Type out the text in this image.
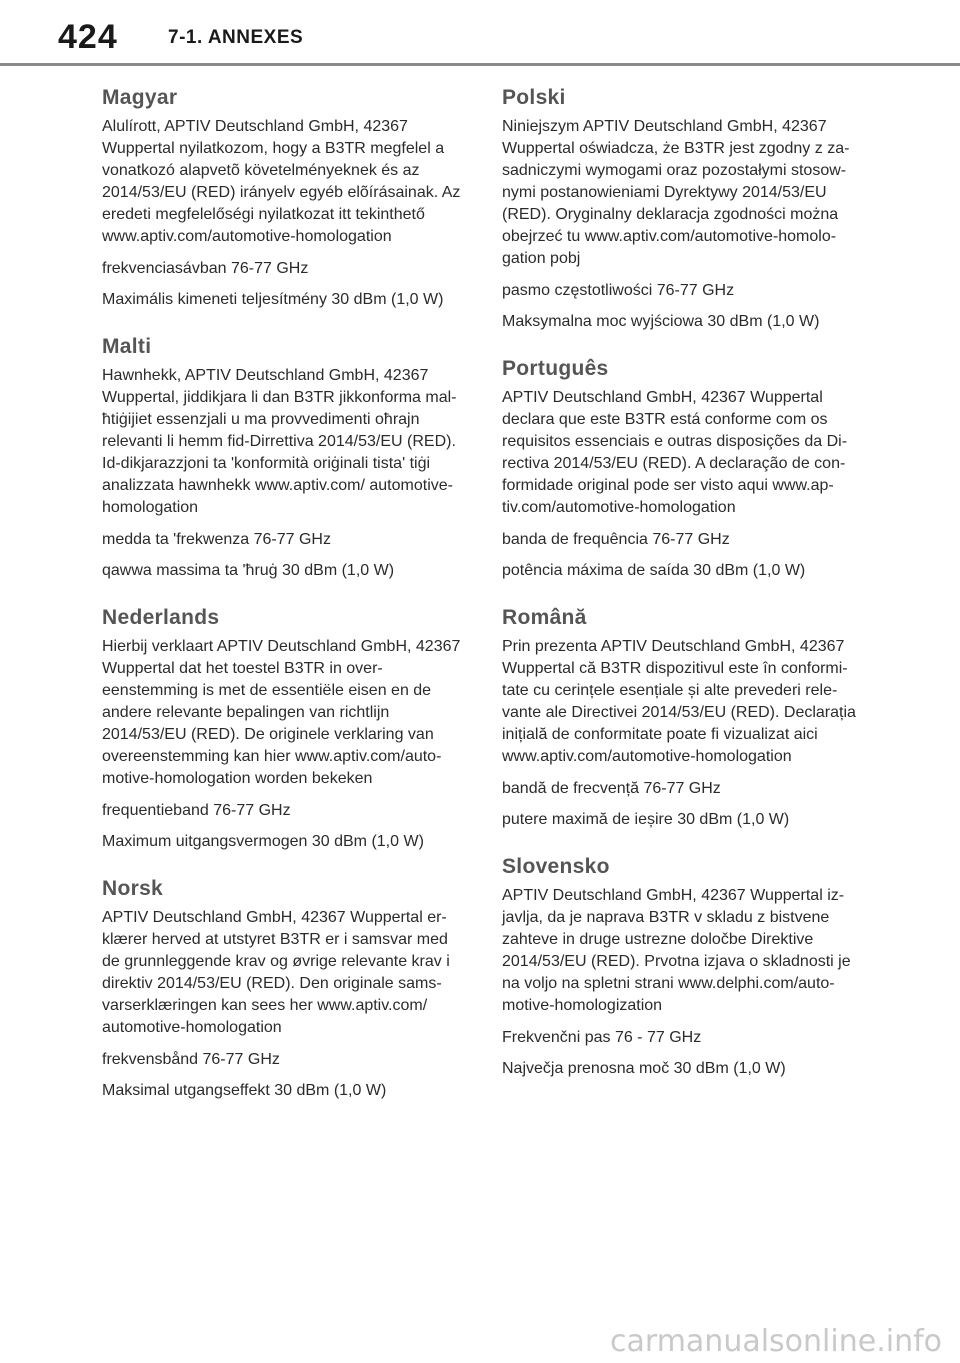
424	7-1. ANNEXES
Magyar

Alulírott, APTIV Deutschland GmbH, 42367 Wuppertal nyilatkozom, hogy a B3TR megfelel a vonatkozó alapvetõ követelményeknek és az 2014/53/EU (RED) irányelv egyéb elõírásainak. Az eredeti megfelelőségi nyilatkozat itt tekinthető www.aptiv.com/automotive-homologation

frekvenciasávban 76-77 GHz

Maximális kimeneti teljesítmény 30 dBm (1,0 W)

Malti

Hawnhekk, APTIV Deutschland GmbH, 42367 Wuppertal, jiddikjara li dan B3TR jikkonforma mal-ħtiġijiet essenzjali u ma provvedimenti oħrajn relevanti li hemm fid-Dirrettiva 2014/53/EU (RED). Id-dikjarazzjoni ta 'konformità oriġinali tista' tiġi analizzata hawnhekk www.aptiv.com/ automotive-homologation

medda ta 'frekwenza 76-77 GHz

qawwa massima ta 'ħruġ 30 dBm (1,0 W)

Nederlands

Hierbij verklaart APTIV Deutschland GmbH, 42367 Wuppertal dat het toestel B3TR in over-eenstemming is met de essentiële eisen en de andere relevante bepalingen van richtlijn 2014/53/EU (RED). De originele verklaring van overeenstemming kan hier www.aptiv.com/auto-motive-homologation worden bekeken

frequentieband 76-77 GHz

Maximum uitgangsvermogen 30 dBm (1,0 W)

Norsk

APTIV Deutschland GmbH, 42367 Wuppertal er-klærer herved at utstyret B3TR er i samsvar med de grunnleggende krav og øvrige relevante krav i direktiv 2014/53/EU (RED). Den originale sams-varserklæringen kan sees her www.aptiv.com/ automotive-homologation

frekvensbånd 76-77 GHz

Maksimal utgangseffekt 30 dBm (1,0 W)

Polski

Niniejszym APTIV Deutschland GmbH, 42367 Wuppertal oświadcza, że B3TR jest zgodny z za-sadniczymi wymogami oraz pozostałymi stosow-nymi postanowieniami Dyrektywy 2014/53/EU (RED). Oryginalny deklaracja zgodności można obejrzeć tu www.aptiv.com/automotive-homolo-gation pobj

pasmo częstotliwości 76-77 GHz

Maksymalna moc wyjściowa 30 dBm (1,0 W)

Português

APTIV Deutschland GmbH, 42367 Wuppertal declara que este B3TR está conforme com os requisitos essenciais e outras disposições da Di-rectiva 2014/53/EU (RED). A declaração de con-formidade original pode ser visto aqui www.ap-tiv.com/automotive-homologation

banda de frequência 76-77 GHz

potência máxima de saída 30 dBm (1,0 W)

Română

Prin prezenta APTIV Deutschland GmbH, 42367 Wuppertal că B3TR dispozitivul este în conformi-tate cu cerințele esențiale și alte prevederi rele-vante ale Directivei 2014/53/EU (RED). Declarația inițială de conformitate poate fi vizualizat aici www.aptiv.com/automotive-homologation

bandă de frecvență 76-77 GHz

putere maximă de ieșire 30 dBm (1,0 W)

Slovensko

APTIV Deutschland GmbH, 42367 Wuppertal iz-javlja, da je naprava B3TR v skladu z bistvene zahteve in druge ustrezne določbe Direktive 2014/53/EU (RED). Prvotna izjava o skladnosti je na voljo na spletni strani www.delphi.com/auto-motive-homologization

Frekvenčni pas 76 - 77 GHz

Največja prenosna moč 30 dBm (1,0 W)

carmanualsonline.info
